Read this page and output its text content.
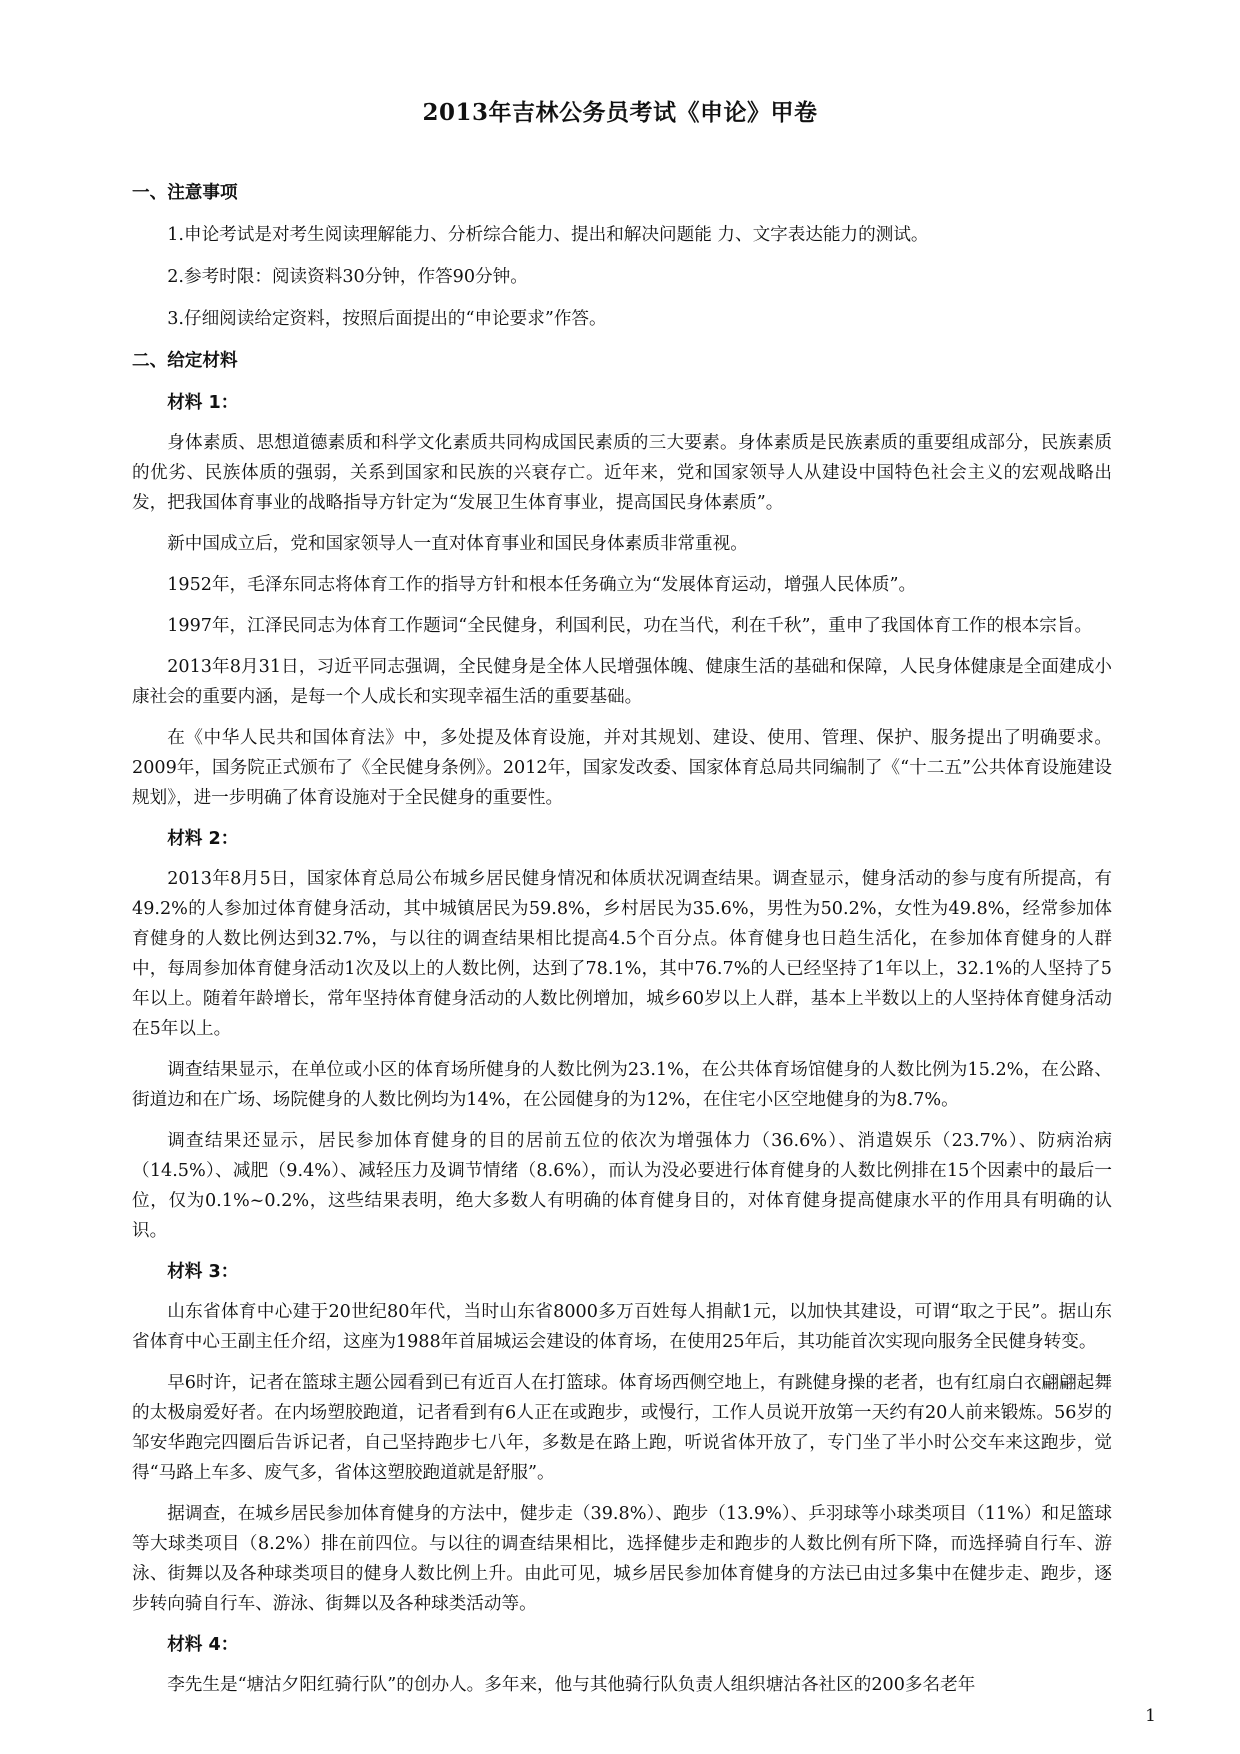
2013年吉林公务员考试《申论》甲卷

一、注意事项

1.申论考试是对考生阅读理解能力、分析综合能力、提出和解决问题能 力、文字表达能力的测试。

2.参考时限：阅读资料30分钟，作答90分钟。

3.仔细阅读给定资料，按照后面提出的“申论要求”作答。

二、给定材料

材料 1：

身体素质、思想道德素质和科学文化素质共同构成国民素质的三大要素。身体素质是民族素质的重要组成部分，民族素质的优劣、民族体质的强弱，关系到国家和民族的兴衰存亡。近年来，党和国家领导人从建设中国特色社会主义的宏观战略出发，把我国体育事业的战略指导方针定为“发展卫生体育事业，提高国民身体素质”。

新中国成立后，党和国家领导人一直对体育事业和国民身体素质非常重视。

1952年，毛泽东同志将体育工作的指导方针和根本任务确立为“发展体育运动，增强人民体质”。

1997年，江泽民同志为体育工作题词“全民健身，利国利民，功在当代，利在千秋”，重申了我国体育工作的根本宗旨。

2013年8月31日，习近平同志强调，全民健身是全体人民增强体魄、健康生活的基础和保障，人民身体健康是全面建成小康社会的重要内涵，是每一个人成长和实现幸福生活的重要基础。

在《中华人民共和国体育法》中，多处提及体育设施，并对其规划、建设、使用、管理、保护、服务提出了明确要求。2009年，国务院正式颁布了《全民健身条例》。2012年，国家发改委、国家体育总局共同编制了《“十二五”公共体育设施建设规划》，进一步明确了体育设施对于全民健身的重要性。

材料 2：

2013年8月5日，国家体育总局公布城乡居民健身情况和体质状况调查结果。调查显示，健身活动的参与度有所提高，有49.2%的人参加过体育健身活动，其中城镇居民为59.8%，乡村居民为35.6%，男性为50.2%，女性为49.8%，经常参加体育健身的人数比例达到32.7%，与以往的调查结果相比提高4.5个百分点。体育健身也日趋生活化，在参加体育健身的人群中，每周参加体育健身活动1次及以上的人数比例，达到了78.1%，其中76.7%的人已经坚持了1年以上，32.1%的人坚持了5年以上。随着年龄增长，常年坚持体育健身活动的人数比例增加，城乡60岁以上人群，基本上半数以上的人坚持体育健身活动在5年以上。

调查结果显示，在单位或小区的体育场所健身的人数比例为23.1%，在公共体育场馆健身的人数比例为15.2%，在公路、街道边和在广场、场院健身的人数比例均为14%，在公园健身的为12%，在住宅小区空地健身的为8.7%。

调查结果还显示，居民参加体育健身的目的居前五位的依次为增强体力（36.6%）、消遣娱乐（23.7%）、防病治病（14.5%）、减肥（9.4%）、减轻压力及调节情绪（8.6%），而认为没必要进行体育健身的人数比例排在15个因素中的最后一位，仅为0.1%~0.2%，这些结果表明，绝大多数人有明确的体育健身目的，对体育健身提高健康水平的作用具有明确的认识。

材料 3：

山东省体育中心建于20世纪80年代，当时山东省8000多万百姓每人捐献1元，以加快其建设，可谓“取之于民”。据山东省体育中心王副主任介绍，这座为1988年首届城运会建设的体育场，在使用25年后，其功能首次实现向服务全民健身转变。

早6时许，记者在篮球主题公园看到已有近百人在打篮球。体育场西侧空地上，有跳健身操的老者，也有红扇白衣翩翩起舞的太极扇爱好者。在内场塑胶跑道，记者看到有6人正在或跑步，或慢行，工作人员说开放第一天约有20人前来锻炼。56岁的邹安华跑完四圈后告诉记者，自己坚持跑步七八年，多数是在路上跑，听说省体开放了，专门坐了半小时公交车来这跑步，觉得“马路上车多、废气多，省体这塑胶跑道就是舒服”。

据调查，在城乡居民参加体育健身的方法中，健步走（39.8%）、跑步（13.9%）、乒羽球等小球类项目（11%）和足篮球等大球类项目（8.2%）排在前四位。与以往的调查结果相比，选择健步走和跑步的人数比例有所下降，而选择骑自行车、游泳、街舞以及各种球类项目的健身人数比例上升。由此可见，城乡居民参加体育健身的方法已由过多集中在健步走、跑步，逐步转向骑自行车、游泳、街舞以及各种球类活动等。

材料 4：

李先生是“塘沽夕阳红骑行队”的创办人。多年来，他与其他骑行队负责人组织塘沽各社区的200多名老年

1
